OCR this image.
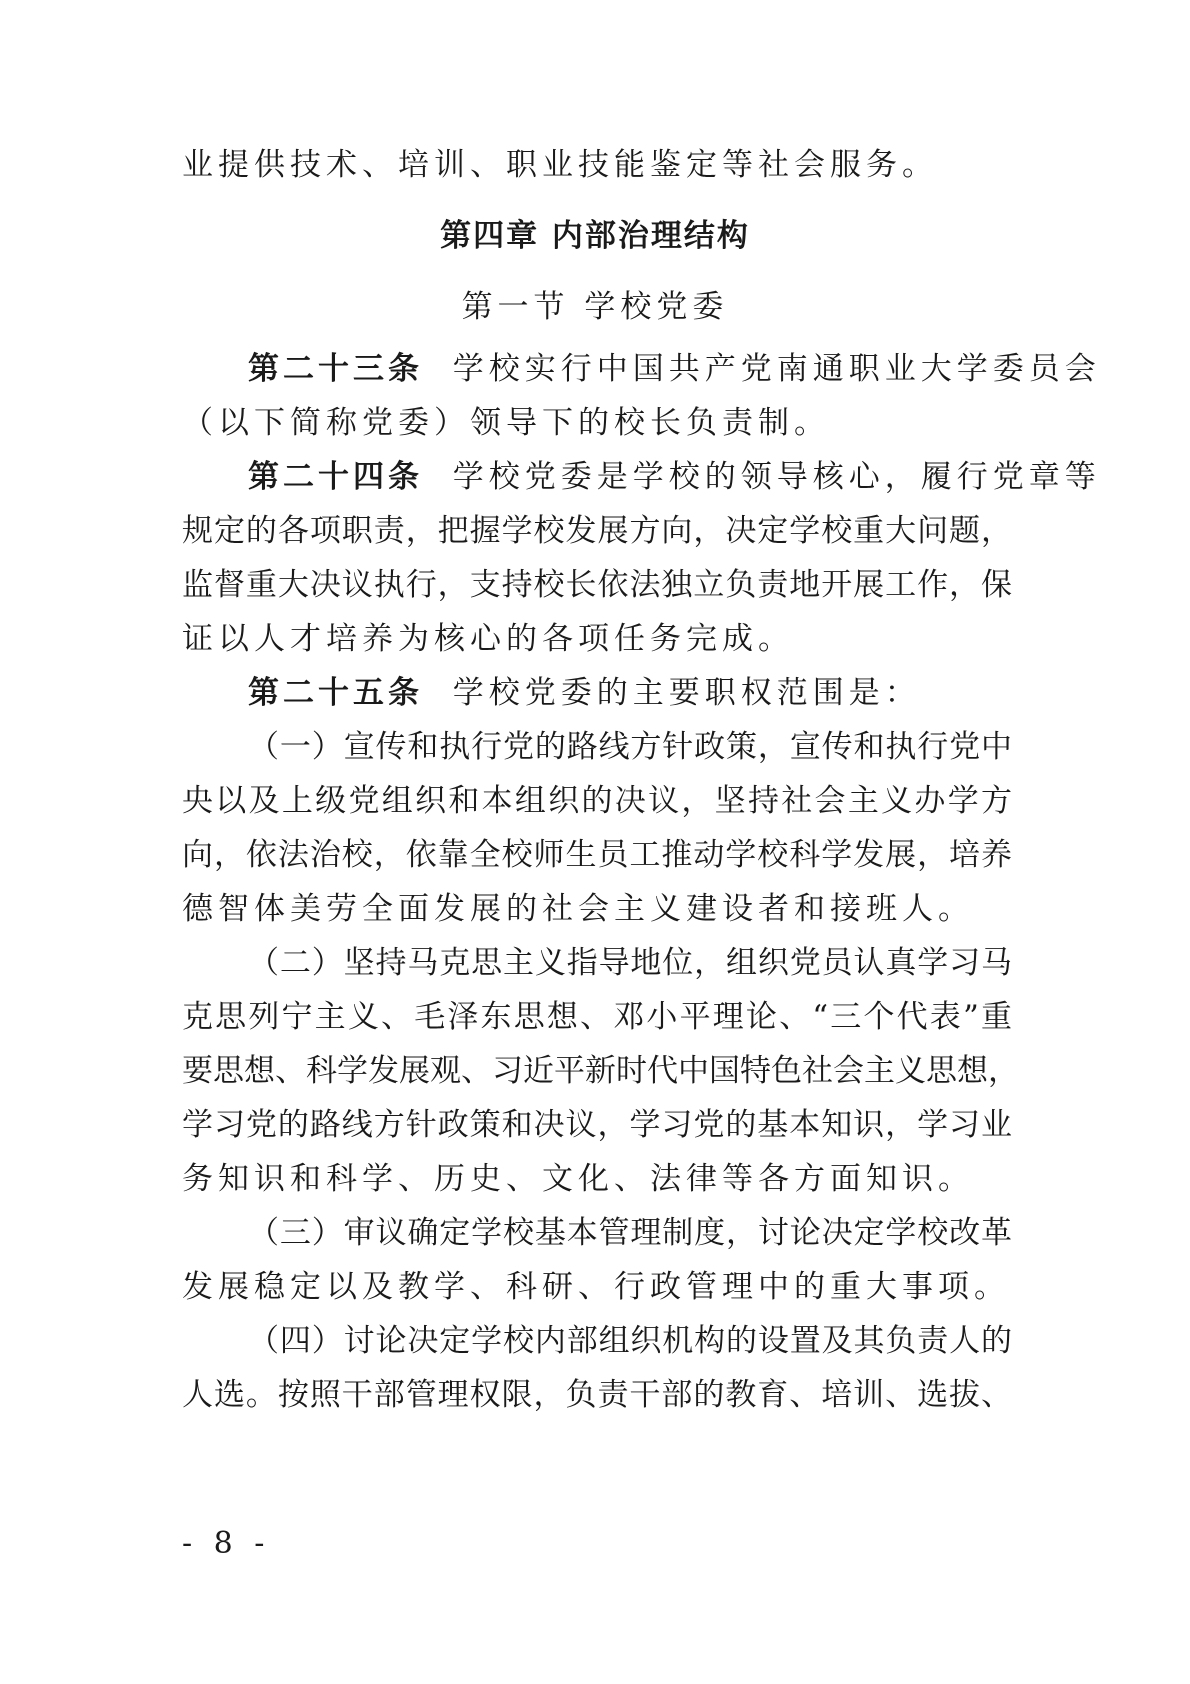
业提供技术、培训、职业技能鉴定等社会服务。
第四章 内部治理结构
第一节 学校党委
第二十三条 学校实行中国共产党南通职业大学委员会
（以下简称党委）领导下的校长负责制。
第二十四条 学校党委是学校的领导核心，履行党章等
规定的各项职责，把握学校发展方向，决定学校重大问题，
监督重大决议执行，支持校长依法独立负责地开展工作，保
证以人才培养为核心的各项任务完成。
第二十五条 学校党委的主要职权范围是：
（一）宣传和执行党的路线方针政策，宣传和执行党中
央以及上级党组织和本组织的决议，坚持社会主义办学方
向，依法治校，依靠全校师生员工推动学校科学发展，培养
德智体美劳全面发展的社会主义建设者和接班人。
（二）坚持马克思主义指导地位，组织党员认真学习马
克思列宁主义、毛泽东思想、邓小平理论、“三个代表”重
要思想、科学发展观、习近平新时代中国特色社会主义思想，
学习党的路线方针政策和决议，学习党的基本知识，学习业
务知识和科学、历史、文化、法律等各方面知识。
（三）审议确定学校基本管理制度，讨论决定学校改革
发展稳定以及教学、科研、行政管理中的重大事项。
（四）讨论决定学校内部组织机构的设置及其负责人的
人选。按照干部管理权限，负责干部的教育、培训、选拔、
- 8 -
